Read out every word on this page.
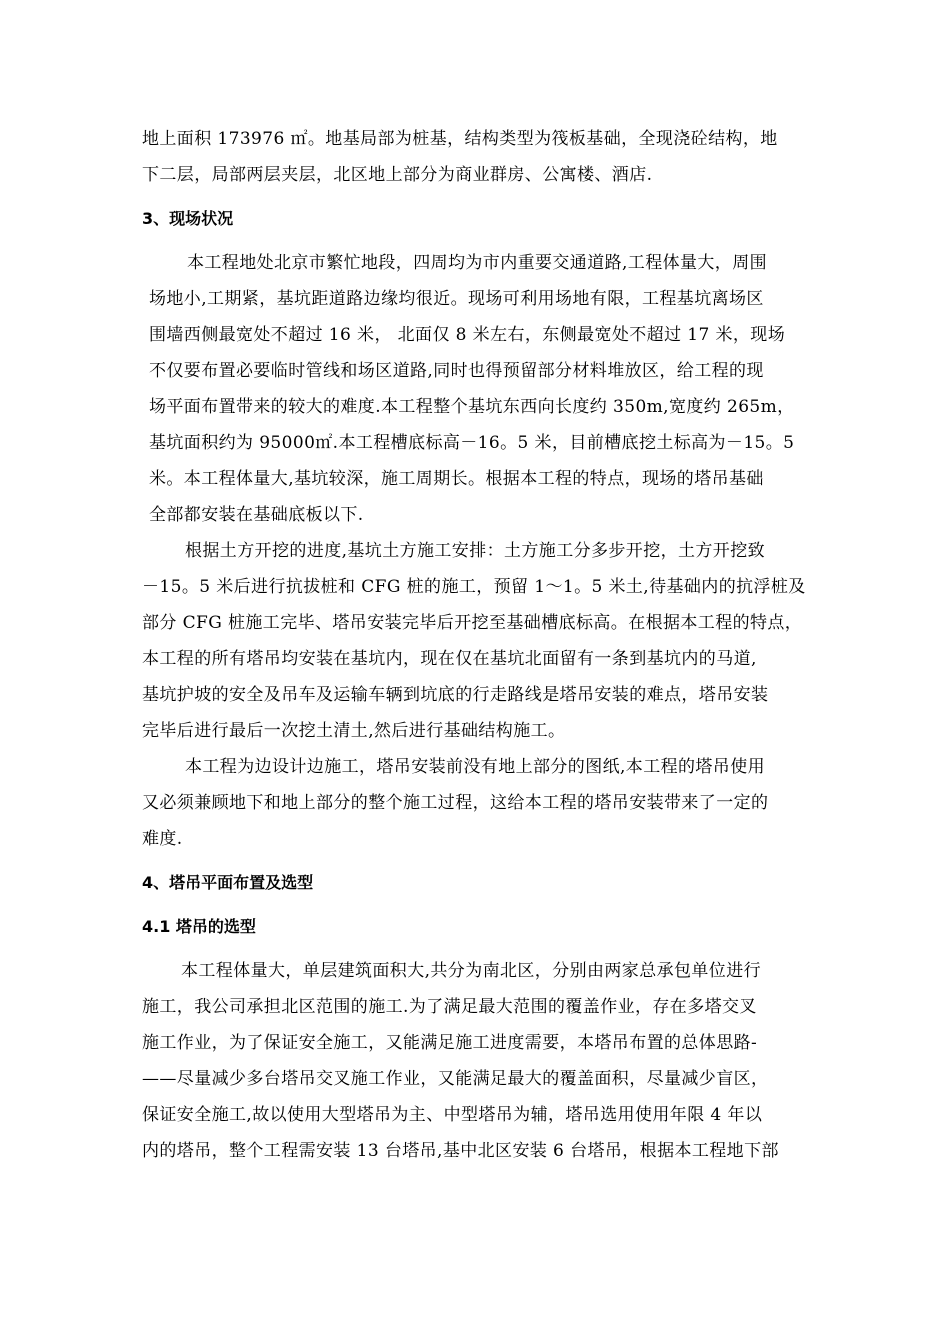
地上面积 173976 ㎡。地基局部为桩基，结构类型为筏板基础，全现浇砼结构，地
下二层，局部两层夹层，北区地上部分为商业群房、公寓楼、酒店.
3、现场状况
本工程地处北京市繁忙地段，四周均为市内重要交通道路,工程体量大，周围
场地小,工期紧，基坑距道路边缘均很近。现场可利用场地有限，工程基坑离场区
围墙西侧最宽处不超过 16 米， 北面仅 8 米左右，东侧最宽处不超过 17 米，现场
不仅要布置必要临时管线和场区道路,同时也得预留部分材料堆放区，给工程的现
场平面布置带来的较大的难度.本工程整个基坑东西向长度约 350m,宽度约 265m，
基坑面积约为 95000㎡.本工程槽底标高－16。5 米，目前槽底挖土标高为－15。5
米。本工程体量大,基坑较深，施工周期长。根据本工程的特点，现场的塔吊基础
全部都安装在基础底板以下.
根据土方开挖的进度,基坑土方施工安排：土方施工分多步开挖，土方开挖致
－15。5 米后进行抗拔桩和 CFG 桩的施工，预留 1～1。5 米土,待基础内的抗浮桩及
部分 CFG 桩施工完毕、塔吊安装完毕后开挖至基础槽底标高。在根据本工程的特点，
本工程的所有塔吊均安装在基坑内，现在仅在基坑北面留有一条到基坑内的马道,
基坑护坡的安全及吊车及运输车辆到坑底的行走路线是塔吊安装的难点，塔吊安装
完毕后进行最后一次挖土清土,然后进行基础结构施工。
本工程为边设计边施工，塔吊安装前没有地上部分的图纸,本工程的塔吊使用
又必须兼顾地下和地上部分的整个施工过程，这给本工程的塔吊安装带来了一定的
难度.
4、塔吊平面布置及选型
4.1 塔吊的选型
本工程体量大，单层建筑面积大,共分为南北区，分别由两家总承包单位进行
施工，我公司承担北区范围的施工.为了满足最大范围的覆盖作业，存在多塔交叉
施工作业，为了保证安全施工，又能满足施工进度需要，本塔吊布置的总体思路-
——尽量减少多台塔吊交叉施工作业，又能满足最大的覆盖面积，尽量减少盲区，
保证安全施工,故以使用大型塔吊为主、中型塔吊为辅，塔吊选用使用年限 4 年以
内的塔吊，整个工程需安装 13 台塔吊,基中北区安装 6 台塔吊，根据本工程地下部
